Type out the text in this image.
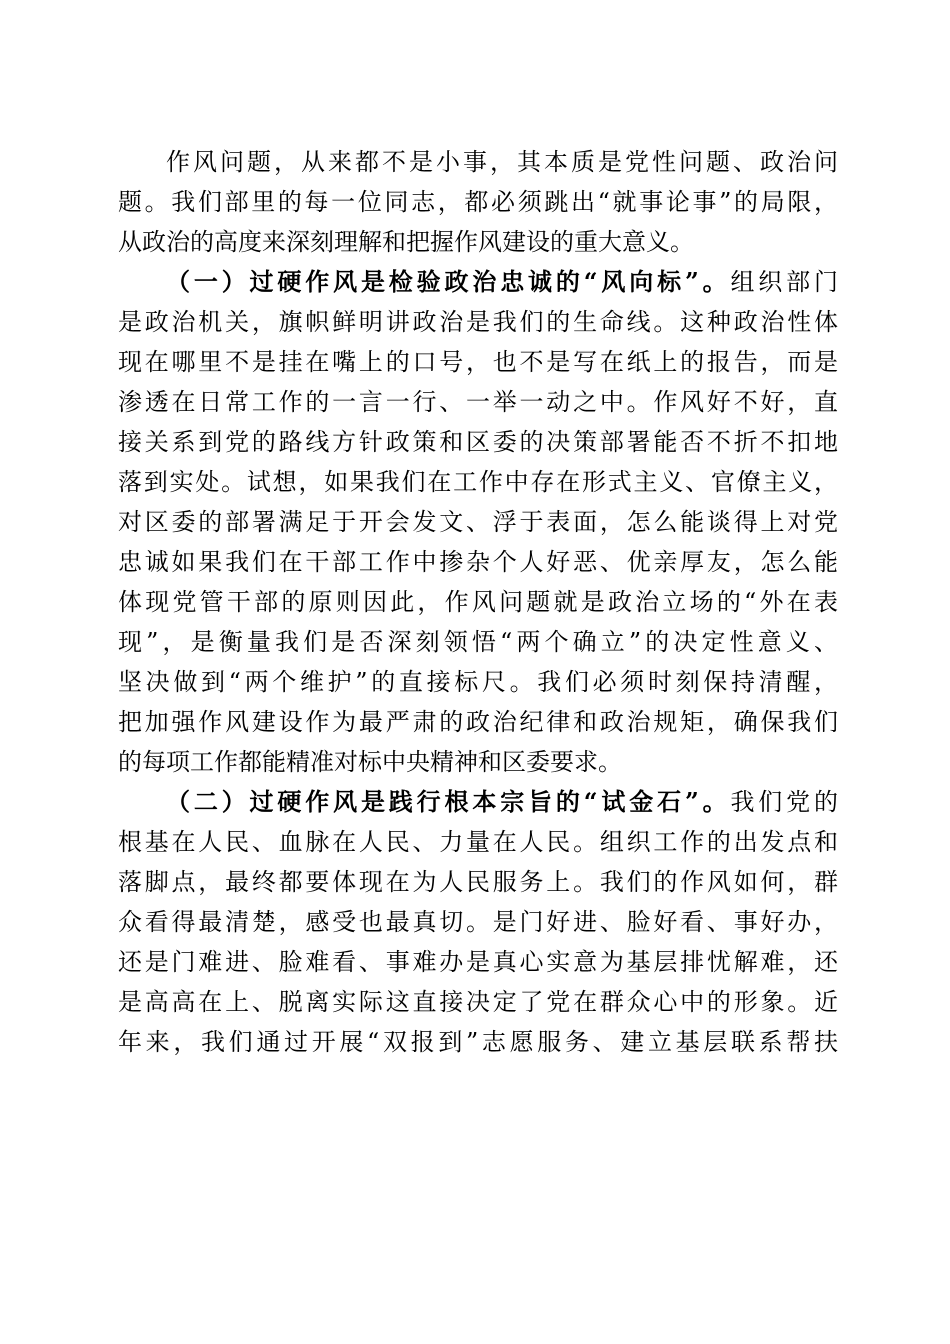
作风问题，从来都不是小事，其本质是党性问题、政治问
题。我们部里的每一位同志，都必须跳出“就事论事”的局限，
从政治的高度来深刻理解和把握作风建设的重大意义。
（一）过硬作风是检验政治忠诚的“风向标”。组织部门
是政治机关，旗帜鲜明讲政治是我们的生命线。这种政治性体
现在哪里不是挂在嘴上的口号，也不是写在纸上的报告，而是
渗透在日常工作的一言一行、一举一动之中。作风好不好，直
接关系到党的路线方针政策和区委的决策部署能否不折不扣地
落到实处。试想，如果我们在工作中存在形式主义、官僚主义，
对区委的部署满足于开会发文、浮于表面，怎么能谈得上对党
忠诚如果我们在干部工作中掺杂个人好恶、优亲厚友，怎么能
体现党管干部的原则因此，作风问题就是政治立场的“外在表
现”，是衡量我们是否深刻领悟“两个确立”的决定性意义、
坚决做到“两个维护”的直接标尺。我们必须时刻保持清醒，
把加强作风建设作为最严肃的政治纪律和政治规矩，确保我们
的每项工作都能精准对标中央精神和区委要求。
（二）过硬作风是践行根本宗旨的“试金石”。我们党的
根基在人民、血脉在人民、力量在人民。组织工作的出发点和
落脚点，最终都要体现在为人民服务上。我们的作风如何，群
众看得最清楚，感受也最真切。是门好进、脸好看、事好办，
还是门难进、脸难看、事难办是真心实意为基层排忧解难，还
是高高在上、脱离实际这直接决定了党在群众心中的形象。近
年来，我们通过开展“双报到”志愿服务、建立基层联系帮扶
